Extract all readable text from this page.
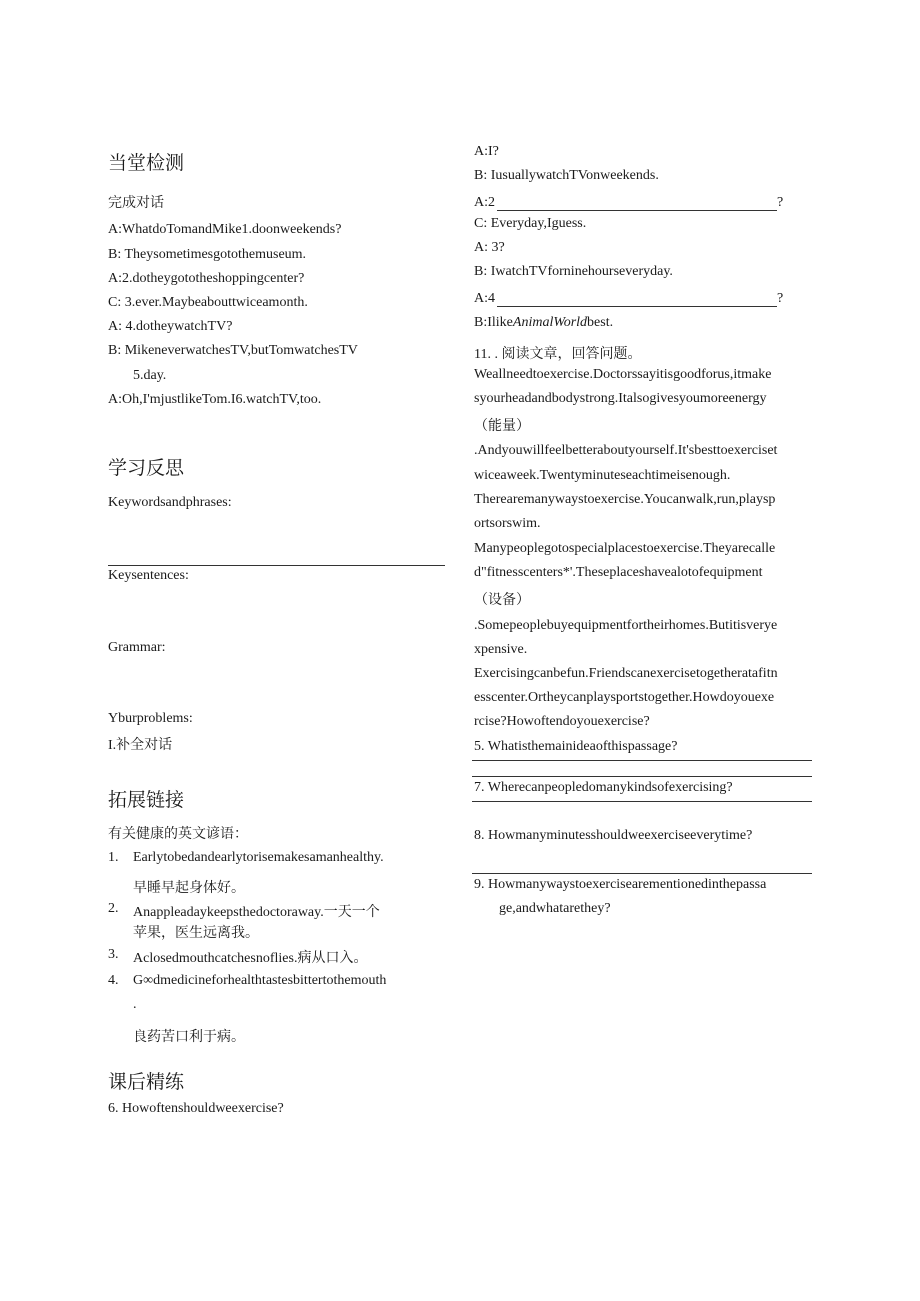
当堂检测
完成对话
A:WhatdoTomandMike1.doonweekends?
B: Theysometimesgotothemuseum.
A:2.dotheygototheshoppingcenter?
C: 3.ever.Maybeabouttwiceamonth.
A: 4.dotheywatchTV?
B: MikeneverwatchesTV,butTomwatchesTV
5.day.
A:Oh,I'mjustlikeTom.I6.watchTV,too.
学习反思
Keywordsandphrases:
Keysentences:
Grammar:
Yburproblems:
I.补全对话
拓展链接
有关健康的英文谚语：
1. Earlytobedandearlytorisemakesamanhealthy.
早睡早起身体好。
2. Anappleadaykeepsthedoctoraway.一天一个
苹果，医生远离我。
3. Aclosedmouthcatchesnoflies.病从口入。
4. G∞dmedicineforhealthtastesbittertothemouth
.
良药苦口利于病。
课后精练
6. Howoftenshouldweexercise?
A:I?
B: IusuallywatchTVonweekends.
A:2	?
C: Everyday,Iguess.
A: 3?
B: IwatchTVforninehourseveryday.
A:4	?
B:IlikeAnimalWorldbest.
11. . 阅读文章，回答问题。
Weallneedtoexercise.Doctorssayitisgoodforus,itmake
syourheadandbodystrong.Italsogivesyoumoreenergy
（能量）
.Andyouwillfeelbetteraboutyourself.It'sbesttoexerciset
wiceaweek.Twentyminuteseachtimeisenough.
Therearemanywaystoexercise.Youcanwalk,run,playsp
ortsorswim.
Manypeoplegotospecialplacestoexercise.Theyarecalle
d"fitnesscenters*'.Theseplaceshavealotofequipment
（设备）
.Somepeoplebuyequipmentfortheirhomes.Butitisverye
xpensive.
Exercisingcanbefun.Friendscanexercisetogetheratafitn
esscenter.Ortheycanplaysportstogether.Howdoyouexe
rcise?Howoftendoyouexercise?
5. Whatisthemainideaofthispassage?
7. Wherecanpeopledomanykindsofexercising?
8. Howmanyminutesshouldweexerciseeverytime?
9. Howmanywaystoexercisearementionedinthepassa
ge,andwhatarethey?
